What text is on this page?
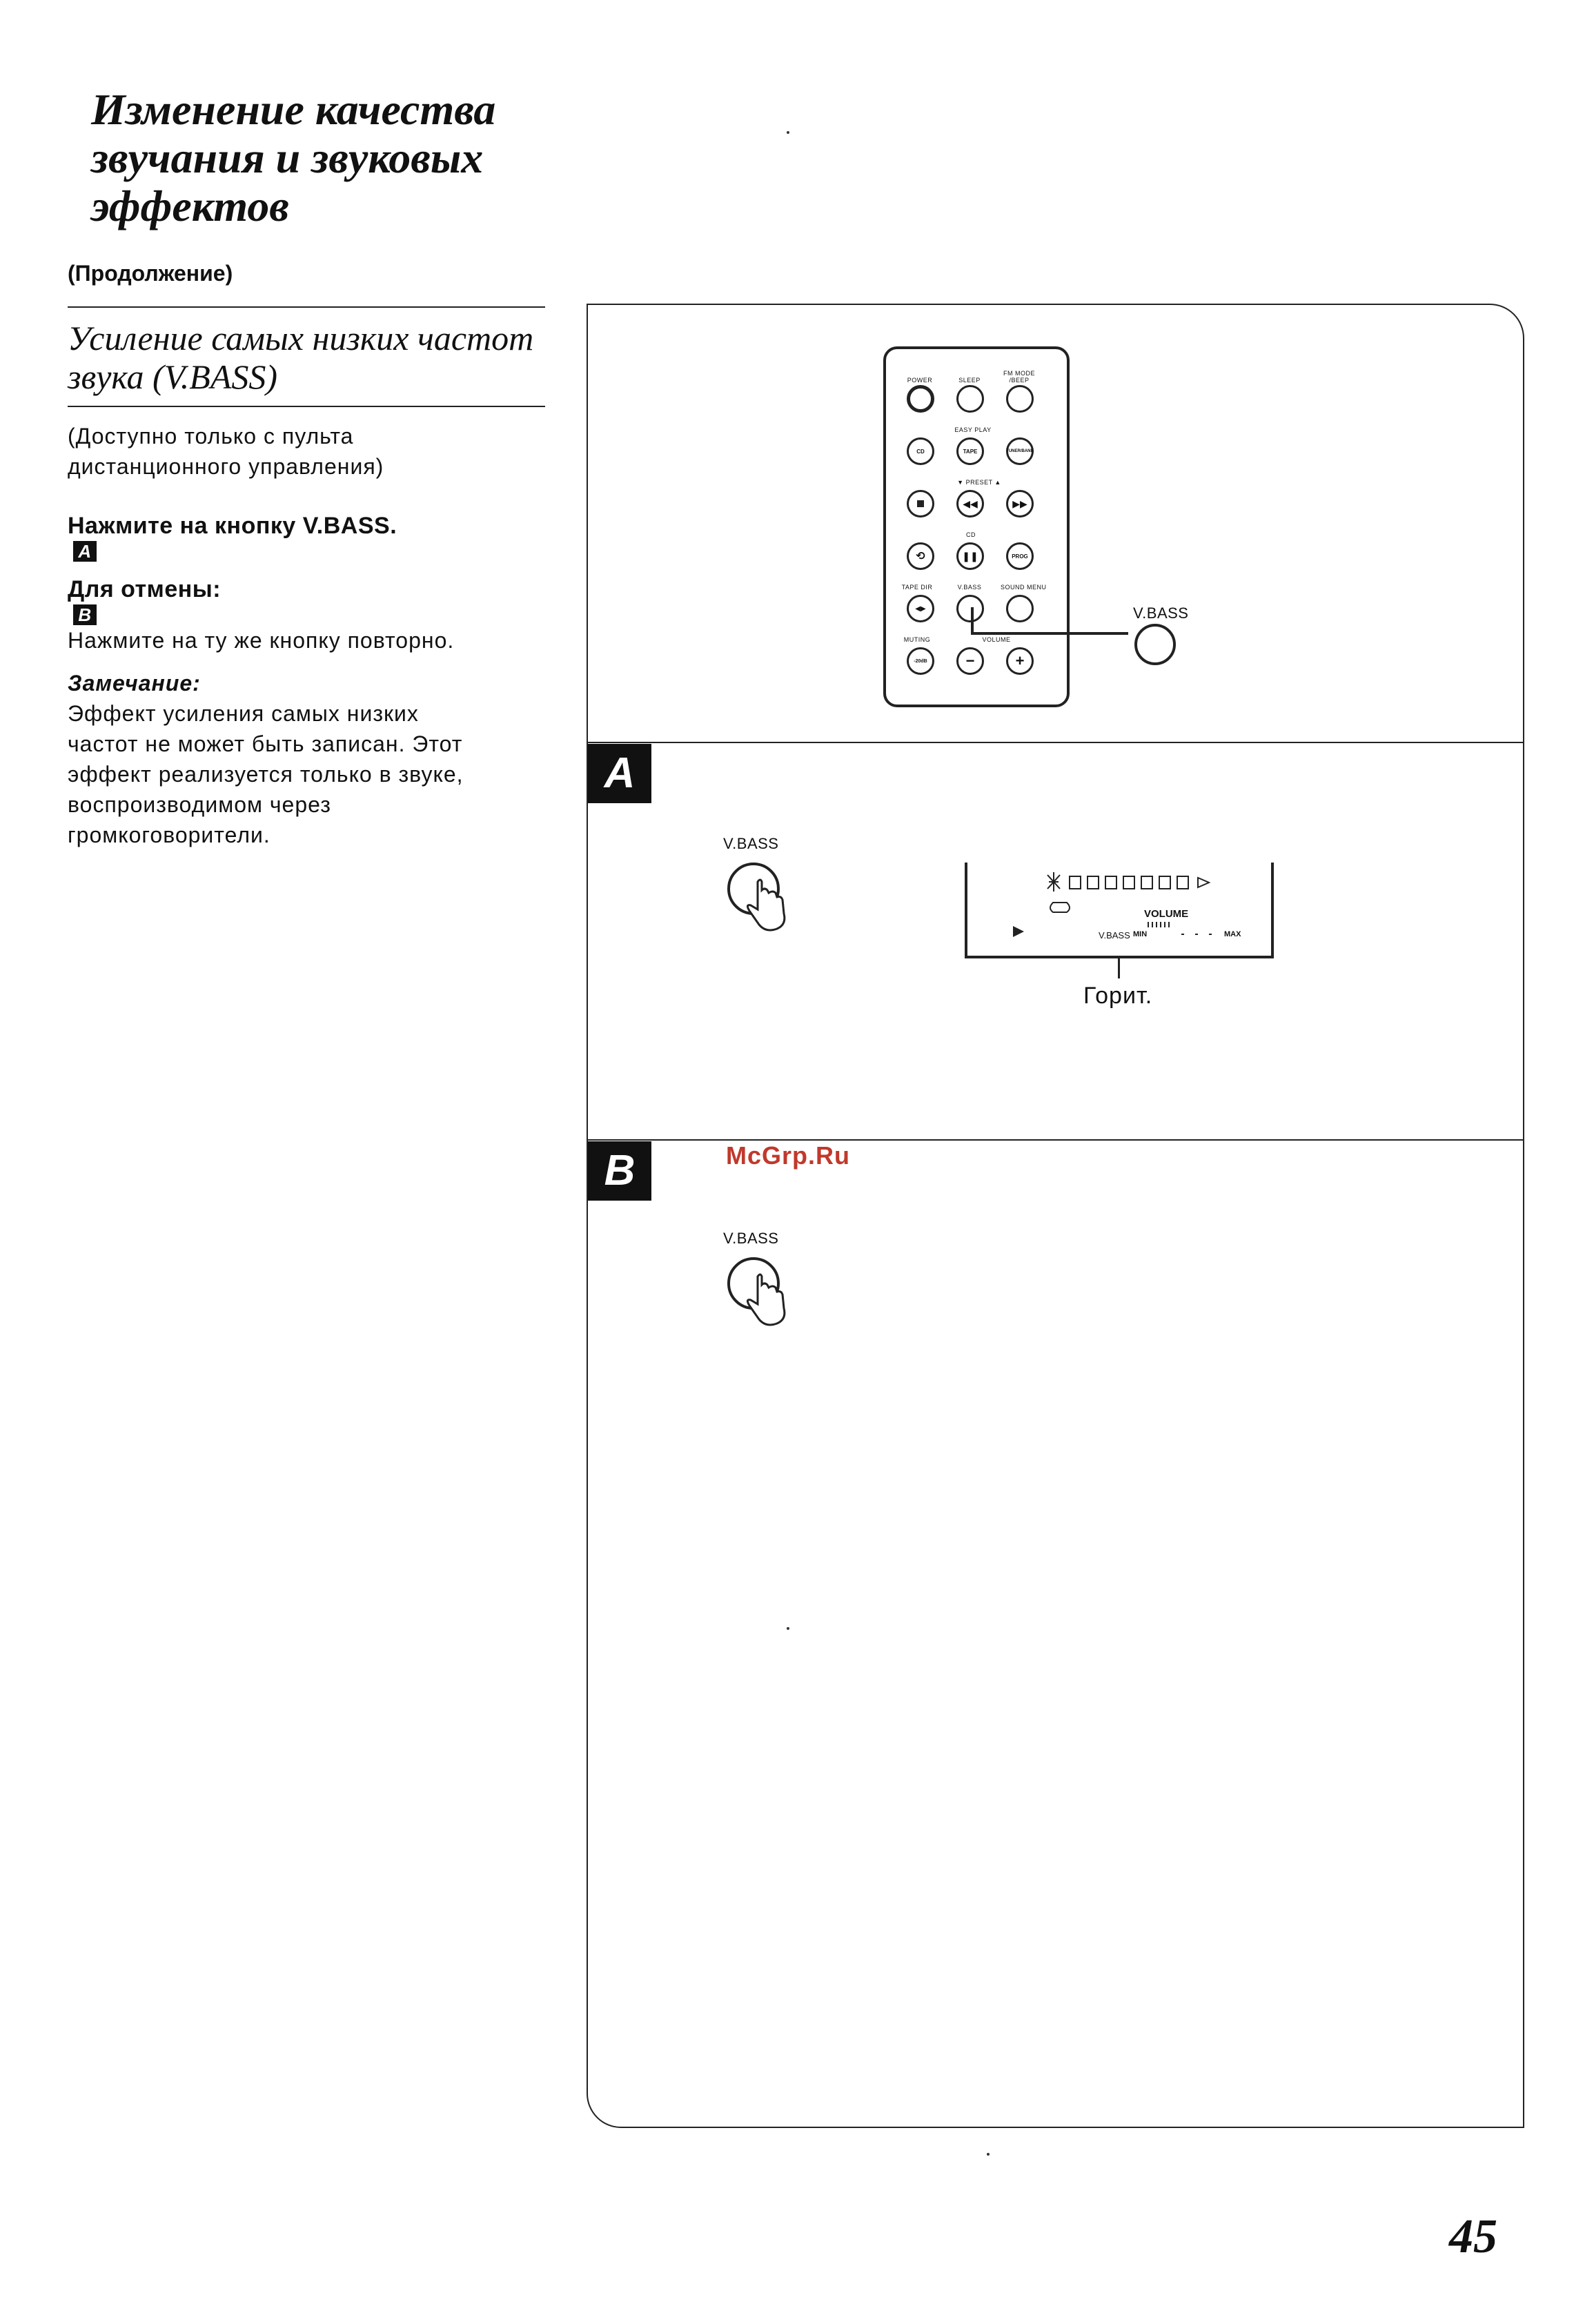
Изменение качества
звучания и звуковых
эффектов
(Продолжение)
Усиление самых низких частот
звука (V.BASS)
(Доступно только с пульта
дистанционного управления)
Нажмите на кнопку V.BASS.
A
Для отмены:
B
Нажмите на ту же кнопку повторно.
Замечание:
Эффект усиления самых низких
частот не может быть записан. Этот
эффект реализуется только в звуке,
воспроизводимом через
громкоговорители.
POWER	SLEEP
FM MODE
/BEEP
EASY PLAY
CD	TAPE	TUNER/BAND
▼ PRESET ▲
◀◀	▶▶
CD
⟲	❚❚	PROG
TAPE DIR	V.BASS	SOUND MENU
◀▶
MUTING	VOLUME
-20dB	−	+
V.BASS
A
V.BASS
VOLUME
V.BASS MIN	MAX
Горит.
B	McGrp.Ru
V.BASS
45
